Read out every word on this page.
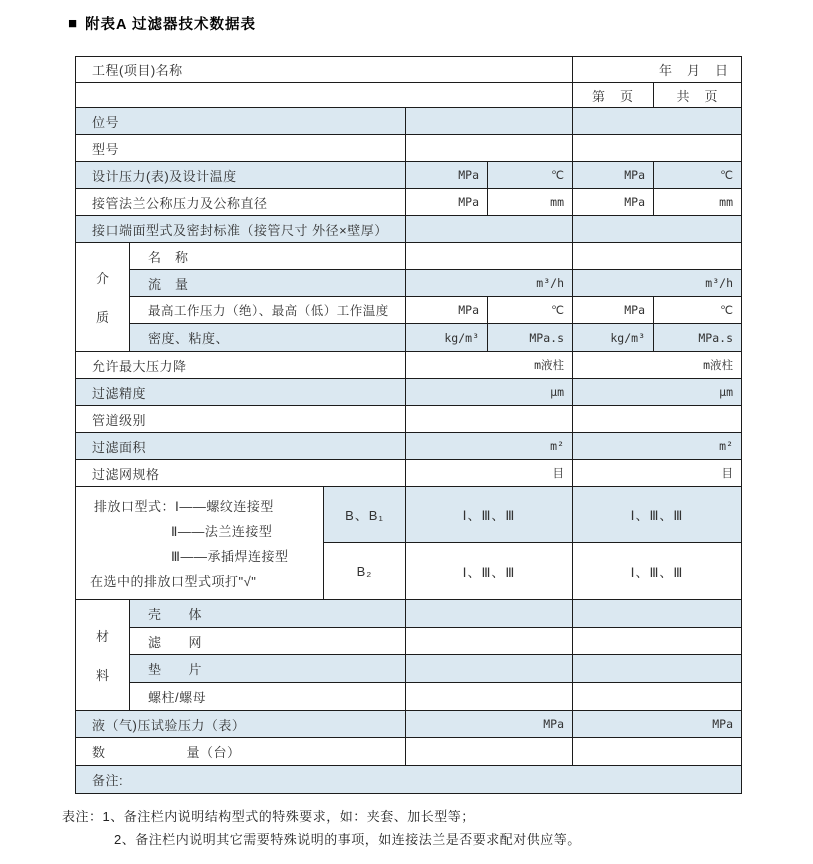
■ 附表A 过滤器技术数据表
工程(项目)名称	年　月　日
第　页	共　页
位号
型号
设计压力(表)及设计温度	MPa	℃	MPa	℃
接管法兰公称压力及公称直径	MPa	mm	MPa	mm
接口端面型式及密封标准（接管尺寸 外径×壁厚）
介
质
名　称
流　量	m³/h	m³/h
最高工作压力（绝）、最高（低）工作温度	MPa	℃	MPa	℃
密度、粘度、	kg/m³	MPa.s	kg/m³	MPa.s
允许最大压力降	m液柱	m液柱
过滤精度	μm	μm
管道级别
过滤面积	m²	m²
过滤网规格	目	目
排放口型式：Ⅰ——螺纹连接型
Ⅱ——法兰连接型
Ⅲ——承插焊连接型
在选中的排放口型式项打"√"
B、B₁	Ⅰ、Ⅲ、Ⅲ	Ⅰ、Ⅲ、Ⅲ
B₂	Ⅰ、Ⅲ、Ⅲ	Ⅰ、Ⅲ、Ⅲ
材
料
壳　　体
滤　　网
垫　　片
螺柱/螺母
液（气)压试验压力（表）	MPa	MPa
数　　　　　　量（台）
备注:
表注：1、备注栏内说明结构型式的特殊要求，如：夹套、加长型等；
2、备注栏内说明其它需要特殊说明的事项，如连接法兰是否要求配对供应等。
